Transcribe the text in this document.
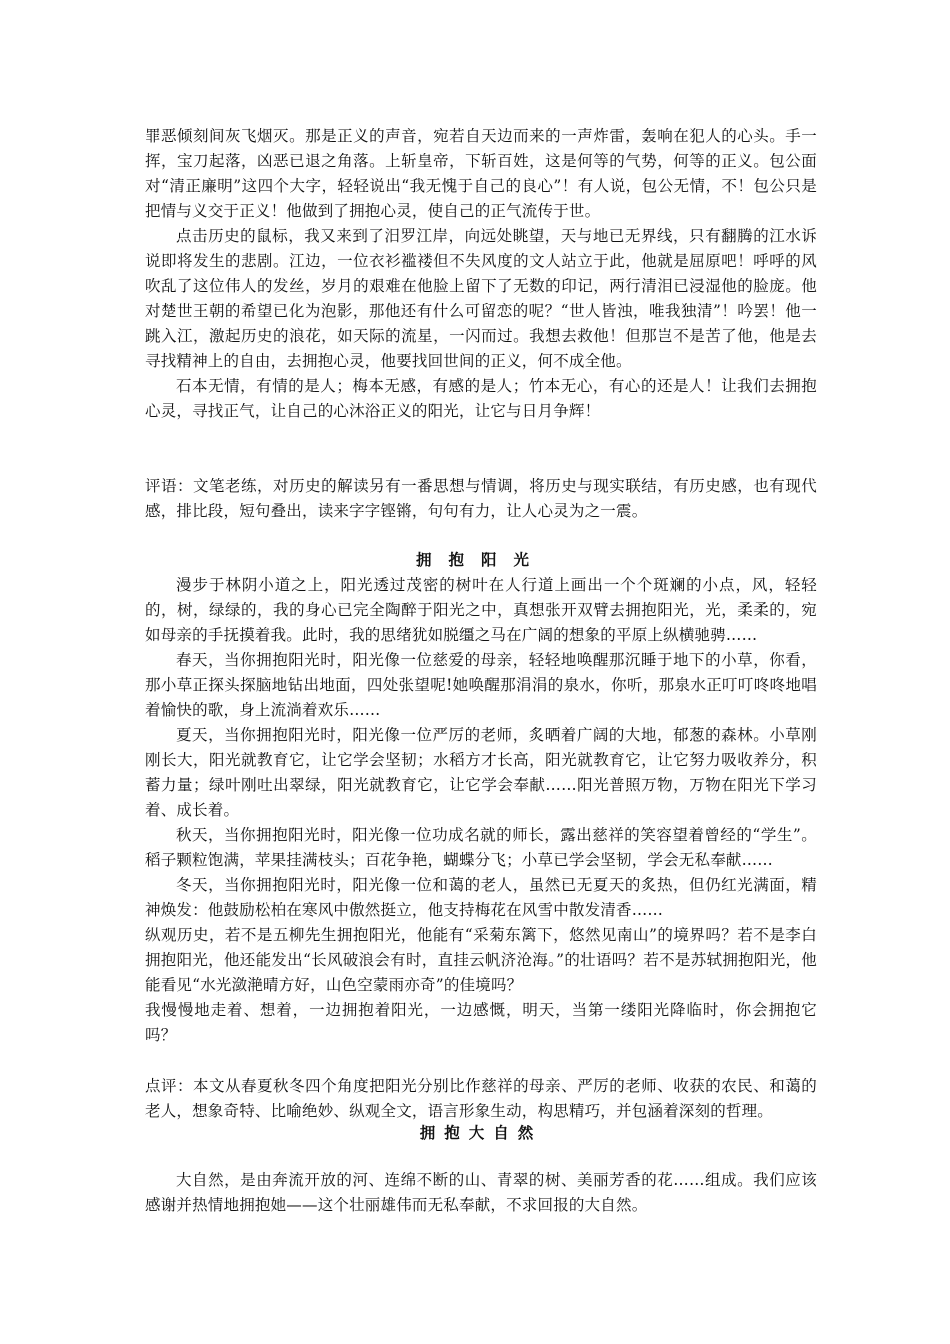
罪恶倾刻间灰飞烟灭。那是正义的声音，宛若自天边而来的一声炸雷，轰响在犯人的心头。手一挥，宝刀起落，凶恶已退之角落。上斩皇帝，下斩百姓，这是何等的气势，何等的正义。包公面对“清正廉明”这四个大字，轻轻说出“我无愧于自己的良心”！有人说，包公无情，不！包公只是把情与义交于正义！他做到了拥抱心灵，使自己的正气流传于世。

点击历史的鼠标，我又来到了汨罗江岸，向远处眺望，天与地已无界线，只有翻腾的江水诉说即将发生的悲剧。江边，一位衣衫褴褛但不失风度的文人站立于此，他就是屈原吧！呼呼的风吹乱了这位伟人的发丝，岁月的艰难在他脸上留下了无数的印记，两行清泪已浸湿他的脸庞。他对楚世王朝的希望已化为泡影，那他还有什么可留恋的呢？“世人皆浊，唯我独清”！吟罢！他一跳入江，激起历史的浪花，如天际的流星，一闪而过。我想去救他！但那岂不是苦了他，他是去寻找精神上的自由，去拥抱心灵，他要找回世间的正义，何不成全他。

石本无情，有情的是人；梅本无感，有感的是人；竹本无心，有心的还是人！让我们去拥抱心灵，寻找正气，让自己的心沐浴正义的阳光，让它与日月争辉！

评语：文笔老练，对历史的解读另有一番思想与情调，将历史与现实联结，有历史感，也有现代感，排比段，短句叠出，读来字字铿锵，句句有力，让人心灵为之一震。

拥抱阳光

漫步于林阴小道之上，阳光透过茂密的树叶在人行道上画出一个个斑斓的小点，风，轻轻的，树，绿绿的，我的身心已完全陶醉于阳光之中，真想张开双臂去拥抱阳光，光，柔柔的，宛如母亲的手抚摸着我。此时，我的思绪犹如脱缰之马在广阔的想象的平原上纵横驰骋……

春天，当你拥抱阳光时，阳光像一位慈爱的母亲，轻轻地唤醒那沉睡于地下的小草，你看，那小草正探头探脑地钻出地面，四处张望呢!她唤醒那涓涓的泉水，你听，那泉水正叮叮咚咚地唱着愉快的歌，身上流淌着欢乐……

夏天，当你拥抱阳光时，阳光像一位严厉的老师，炙晒着广阔的大地，郁葱的森林。小草刚刚长大，阳光就教育它，让它学会坚韧；水稻方才长高，阳光就教育它，让它努力吸收养分，积蓄力量；绿叶刚吐出翠绿，阳光就教育它，让它学会奉献……阳光普照万物，万物在阳光下学习着、成长着。

秋天，当你拥抱阳光时，阳光像一位功成名就的师长，露出慈祥的笑容望着曾经的“学生”。稻子颗粒饱满，苹果挂满枝头；百花争艳，蝴蝶分飞；小草已学会坚韧，学会无私奉献……

冬天，当你拥抱阳光时，阳光像一位和蔼的老人，虽然已无夏天的炙热，但仍红光满面，精神焕发：他鼓励松柏在寒风中傲然挺立，他支持梅花在风雪中散发清香……

纵观历史，若不是五柳先生拥抱阳光，他能有“采菊东篱下，悠然见南山”的境界吗？若不是李白拥抱阳光，他还能发出“长风破浪会有时，直挂云帆济沧海。”的壮语吗？若不是苏轼拥抱阳光，他能看见“水光潋滟晴方好，山色空蒙雨亦奇”的佳境吗？

我慢慢地走着、想着，一边拥抱着阳光，一边感慨，明天，当第一缕阳光降临时，你会拥抱它吗？

点评：本文从春夏秋冬四个角度把阳光分别比作慈祥的母亲、严厉的老师、收获的农民、和蔼的老人，想象奇特、比喻绝妙、纵观全文，语言形象生动，构思精巧，并包涵着深刻的哲理。

拥抱大自然

大自然，是由奔流开放的河、连绵不断的山、青翠的树、美丽芳香的花……组成。我们应该感谢并热情地拥抱她——这个壮丽雄伟而无私奉献，不求回报的大自然。
